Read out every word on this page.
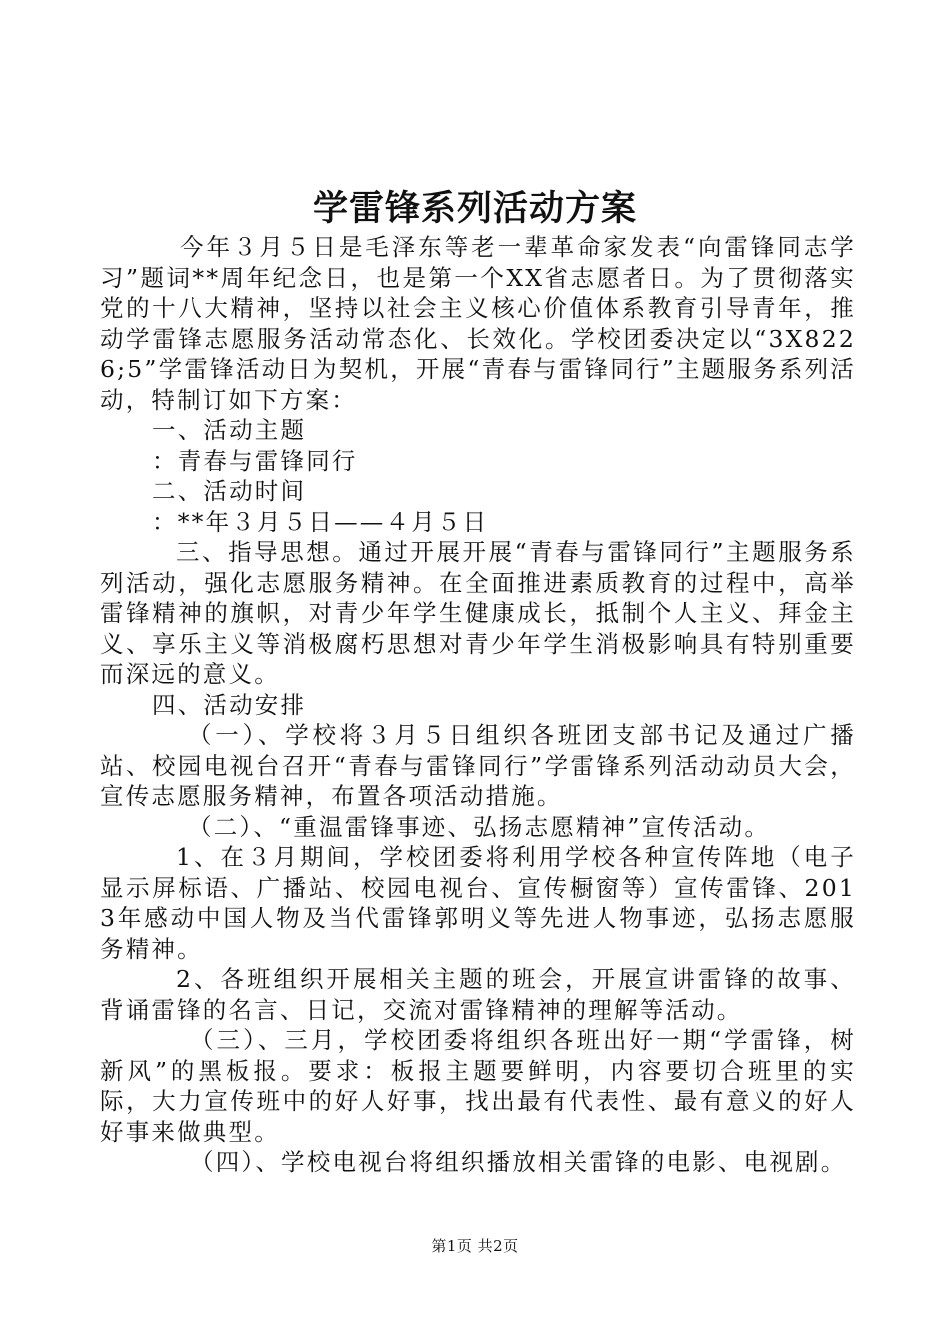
学雷锋系列活动方案

今年３月５日是毛泽东等老一辈革命家发表“向雷锋同志学习”题词**周年纪念日，也是第一个XX省志愿者日。为了贯彻落实党的十八大精神，坚持以社会主义核心价值体系教育引导青年，推动学雷锋志愿服务活动常态化、长效化。学校团委决定以“3X8226;5”学雷锋活动日为契机，开展“青春与雷锋同行”主题服务系列活动，特制订如下方案：

一、活动主题

：青春与雷锋同行

二、活动时间

：**年３月５日——４月５日

三、指导思想。通过开展开展“青春与雷锋同行”主题服务系列活动，强化志愿服务精神。在全面推进素质教育的过程中，高举雷锋精神的旗帜，对青少年学生健康成长，抵制个人主义、拜金主义、享乐主义等消极腐朽思想对青少年学生消极影响具有特别重要而深远的意义。

四、活动安排

（一）、学校将３月５日组织各班团支部书记及通过广播站、校园电视台召开“青春与雷锋同行”学雷锋系列活动动员大会，宣传志愿服务精神，布置各项活动措施。

（二）、“重温雷锋事迹、弘扬志愿精神”宣传活动。

1、在３月期间，学校团委将利用学校各种宣传阵地（电子显示屏标语、广播站、校园电视台、宣传橱窗等）宣传雷锋、2013年感动中国人物及当代雷锋郭明义等先进人物事迹，弘扬志愿服务精神。

2、各班组织开展相关主题的班会，开展宣讲雷锋的故事、背诵雷锋的名言、日记，交流对雷锋精神的理解等活动。

（三）、三月，学校团委将组织各班出好一期“学雷锋，树新风”的黑板报。要求：板报主题要鲜明，内容要切合班里的实际，大力宣传班中的好人好事，找出最有代表性、最有意义的好人好事来做典型。

（四）、学校电视台将组织播放相关雷锋的电影、电视剧。

第1页 共2页
